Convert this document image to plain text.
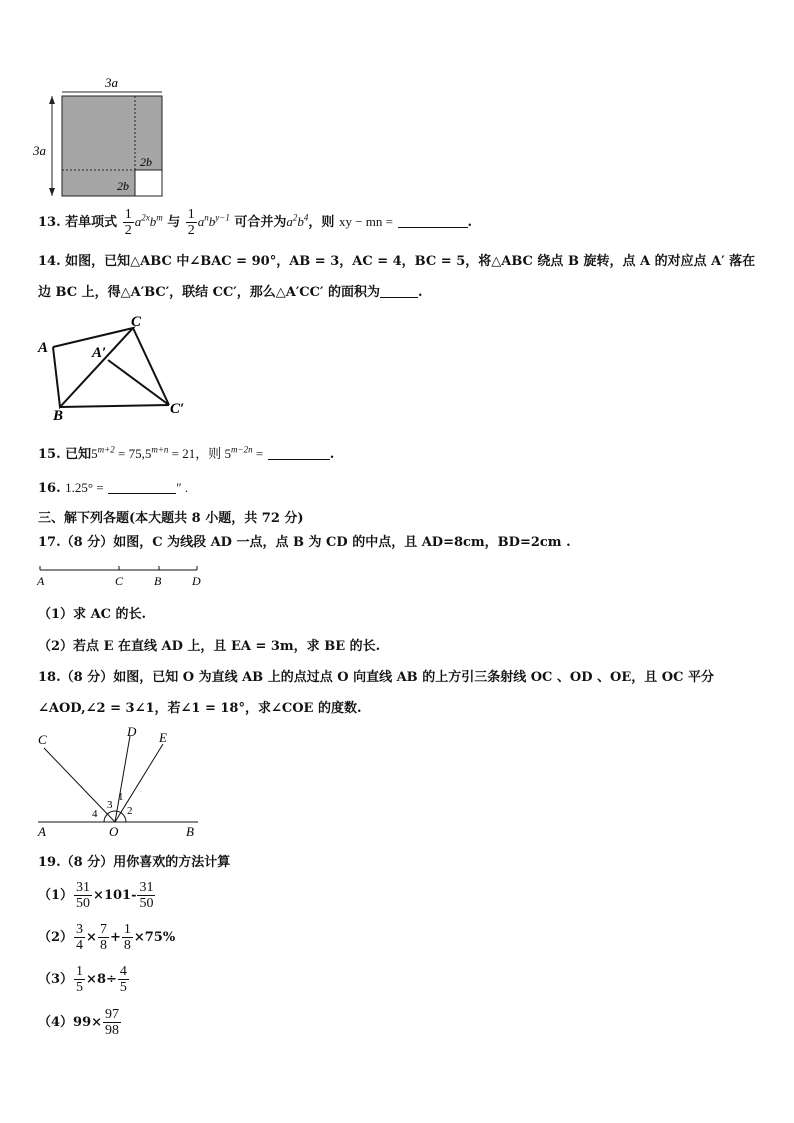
3a
3a
2b
2b
13. 若单项式 $\frac{1}{2} a^{2x}b^m$ 与 $\frac{1}{2} a^nb^{y-1}$ 可合并为$a^2b^4$，则 xy − mn =	.
14. 如图，已知△ABC 中∠BAC = 90°，AB = 3，AC = 4，BC = 5，将△ABC 绕点 B 旋转，点 A 的对应点 A′ 落在
边 BC 上，得△A′BC′，联结 CC′，那么△A′CC′ 的面积为	.
A
C
A′
B	C′
15. 已知$5^{m+2} = 75,5^{m+n} = 21$，则 $5^{m-2n}$ =	.
16. 1.25° =	″ .
三、解下列各题(本大题共 8 小题，共 72 分)
17.（8 分）如图，C 为线段 AD 一点，点 B 为 CD 的中点，且 AD=8cm，BD=2cm .
A	C	B	D
（1）求 AC 的长.
（2）若点 E 在直线 AD 上，且 EA = 3m，求 BE 的长.
18.（8 分）如图，已知 O 为直线 AB 上的点过点 O 向直线 AB 的上方引三条射线 OC 、OD 、OE，且 OC 平分
∠AOD,∠2 = 3∠1，若∠1 = 18°，求∠COE 的度数.
C
D E
A	O	B
1
2
3
4
19.（8 分）用你喜欢的方法计算
$(1) \frac{31}{50} \times 101- \frac{31}{50}$
$(2) \frac{3}{4} \times \frac{7}{8} + \frac{1}{8} \times 75\%$
$(3) \frac{1}{5} \times 8\div \frac{4}{5}$
$(4)99\times \frac{97}{98}$
